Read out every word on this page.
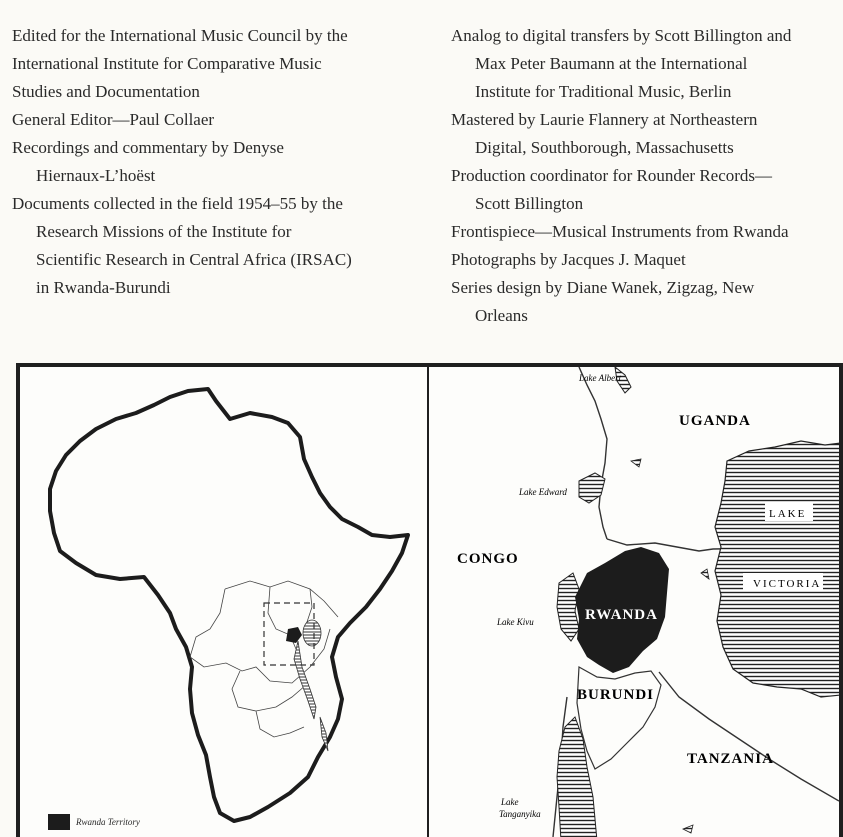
Edited for the International Music Council by the
International Institute for Comparative Music
Studies and Documentation
General Editor—Paul Collaer
Recordings and commentary by Denyse
Hiernaux-L’hoëst
Documents collected in the field 1954–55 by the
Research Missions of the Institute for
Scientific Research in Central Africa (IRSAC)
in Rwanda-Burundi
Analog to digital transfers by Scott Billington and
Max Peter Baumann at the International
Institute for Traditional Music, Berlin
Mastered by Laurie Flannery at Northeastern
Digital, Southborough, Massachusetts
Production coordinator for Rounder Records—
Scott Billington
Frontispiece—Musical Instruments from Rwanda
Photographs by Jacques J. Maquet
Series design by Diane Wanek, Zigzag, New
Orleans
Rwanda Territory
Lake Albert
UGANDA
Lake Edward
LAKE
CONGO
VICTORIA
Lake Kivu	RWANDA
BURUNDI
TANZANIA
Lake
Tanganyika
